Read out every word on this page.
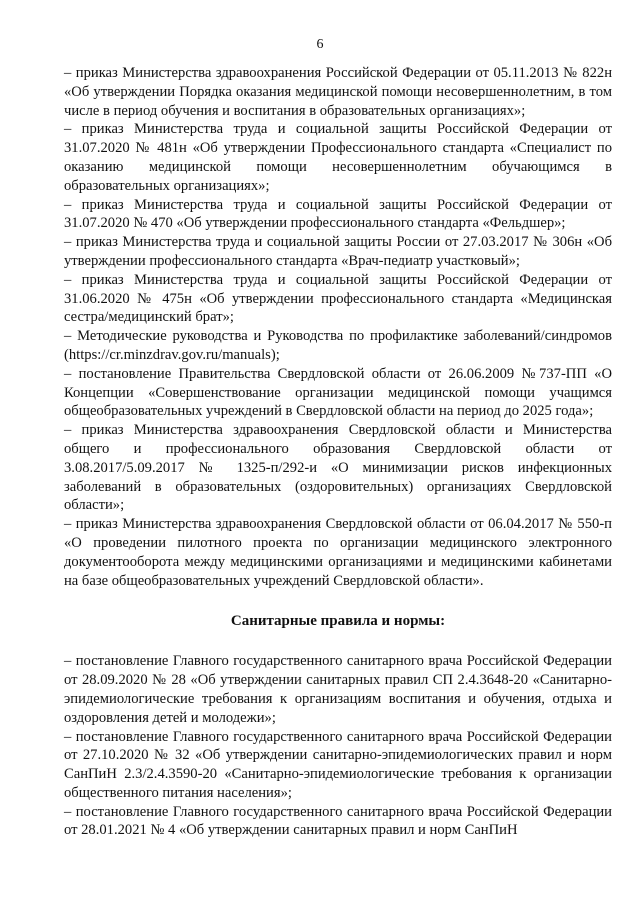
6
– приказ Министерства здравоохранения Российской Федерации от 05.11.2013 № 822н «Об утверждении Порядка оказания медицинской помощи несовершеннолетним, в том числе в период обучения и воспитания в образовательных организациях»;
– приказ Министерства труда и социальной защиты Российской Федерации от 31.07.2020 № 481н «Об утверждении Профессионального стандарта «Специалист по оказанию медицинской помощи несовершеннолетним обучающимся в образовательных организациях»;
– приказ Министерства труда и социальной защиты Российской Федерации от 31.07.2020 № 470 «Об утверждении профессионального стандарта «Фельдшер»;
– приказ Министерства труда и социальной защиты России от 27.03.2017 № 306н «Об утверждении профессионального стандарта «Врач-педиатр участковый»;
– приказ Министерства труда и социальной защиты Российской Федерации от 31.06.2020 № 475н «Об утверждении профессионального стандарта «Медицинская сестра/медицинский брат»;
– Методические руководства и Руководства по профилактике заболеваний/синдромов (https://cr.minzdrav.gov.ru/manuals);
– постановление Правительства Свердловской области от 26.06.2009 №737-ПП «О Концепции «Совершенствование организации медицинской помощи учащимся общеобразовательных учреждений в Свердловской области на период до 2025 года»;
– приказ Министерства здравоохранения Свердловской области и Министерства общего и профессионального образования Свердловской области от 3.08.2017/5.09.2017 № 1325-п/292-и «О минимизации рисков инфекционных заболеваний в образовательных (оздоровительных) организациях Свердловской области»;
– приказ Министерства здравоохранения Свердловской области от 06.04.2017 № 550-п «О проведении пилотного проекта по организации медицинского электронного документооборота между медицинскими организациями и медицинскими кабинетами на базе общеобразовательных учреждений Свердловской области».
Санитарные правила и нормы:
– постановление Главного государственного санитарного врача Российской Федерации от 28.09.2020 № 28 «Об утверждении санитарных правил СП 2.4.3648-20 «Санитарно-эпидемиологические требования к организациям воспитания и обучения, отдыха и оздоровления детей и молодежи»;
– постановление Главного государственного санитарного врача Российской Федерации от 27.10.2020 № 32 «Об утверждении санитарно-эпидемиологических правил и норм СанПиН 2.3/2.4.3590-20 «Санитарно-эпидемиологические требования к организации общественного питания населения»;
– постановление Главного государственного санитарного врача Российской Федерации от 28.01.2021 № 4 «Об утверждении санитарных правил и норм СанПиН
